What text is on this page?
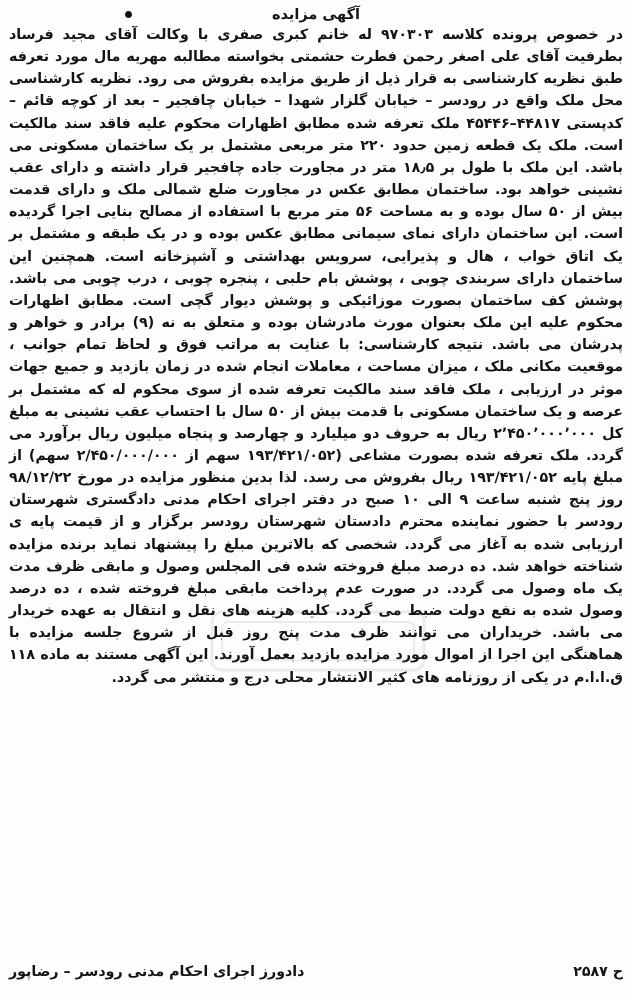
آگهی مزایده

در خصوص پرونده کلاسه ۹۷۰۳۰۳ له خانم کبری صفری با وکالت آقای مجید فرساد بطرفیت آقای علی اصغر رحمن فطرت حشمتی بخواسته مطالبه مهریه مال مورد تعرفه طبق نظریه کارشناسی به قرار ذیل از طریق مزایده بفروش می رود. نظریه کارشناسی محل ملک واقع در رودسر – خیابان گلزار شهدا – خیابان چافجیر – بعد از کوچه قائم – کدپستی ۴۴۸۱۷–۴۵۴۴۶ ملک تعرفه شده مطابق اظهارات محکوم علیه فاقد سند مالکیت است. ملک یک قطعه زمین حدود ۲۲۰ متر مربعی مشتمل بر یک ساختمان مسکونی می باشد. این ملک با طول بر ۱۸٫۵ متر در مجاورت جاده چافجیر قرار داشته و دارای عقب نشینی خواهد بود. ساختمان مطابق عکس در مجاورت ضلع شمالی ملک و دارای قدمت بیش از ۵۰ سال بوده و به مساحت ۵۶ متر مربع با استفاده از مصالح بنایی اجرا گردیده است. این ساختمان دارای نمای سیمانی مطابق عکس بوده و در یک طبقه و مشتمل بر یک اتاق خواب ، هال و پذیرایی، سرویس بهداشتی و آشپزخانه است. همچنین این ساختمان دارای سربندی چوبی ، پوشش بام حلبی ، پنجره چوبی ، درب چوبی می باشد. پوشش کف ساختمان بصورت موزائیکی و پوشش دیوار گچی است. مطابق اظهارات محکوم علیه این ملک بعنوان مورث مادرشان بوده و متعلق به نه (۹) برادر و خواهر و پدرشان می باشد. نتیجه کارشناسی: با عنایت به مراتب فوق و لحاظ تمام جوانب ، موقعیت مکانی ملک ، میزان مساحت ، معاملات انجام شده در زمان بازدید و جمیع جهات موثر در ارزیابی ، ملک فاقد سند مالکیت تعرفه شده از سوی محکوم له که مشتمل بر عرصه و یک ساختمان مسکونی با قدمت بیش از ۵۰ سال با احتساب عقب نشینی به مبلغ کل ۲٬۴۵۰٬۰۰۰٬۰۰۰ ریال به حروف دو میلیارد و چهارصد و پنجاه میلیون ریال برآورد می گردد. ملک تعرفه شده بصورت مشاعی (۱۹۳/۴۲۱/۰۵۲ سهم از ۲/۴۵۰/۰۰۰/۰۰۰ سهم) از مبلغ پایه ۱۹۳/۴۲۱/۰۵۲ ریال بفروش می رسد. لذا بدین منظور مزایده در مورخ ۹۸/۱۲/۲۲ روز پنج شنبه ساعت ۹ الی ۱۰ صبح در دفتر اجرای احکام مدنی دادگستری شهرستان رودسر با حضور نماینده محترم دادستان شهرستان رودسر برگزار و از قیمت پایه ی ارزیابی شده به آغاز می گردد. شخصی که بالاترین مبلغ را پیشنهاد نماید برنده مزایده شناخته خواهد شد. ده درصد مبلغ فروخته شده فی المجلس وصول و مابقی ظرف مدت یک ماه وصول می گردد. در صورت عدم پرداخت مابقی مبلغ فروخته شده ، ده درصد وصول شده به نفع دولت ضبط می گردد. کلیه هزینه های نقل و انتقال به عهده خریدار می باشد. خریداران می توانند ظرف مدت پنج روز قبل از شروع جلسه مزایده با هماهنگی این اجرا از اموال مورد مزایده بازدید بعمل آورند. این آگهی مستند به ماده ۱۱۸ ق.ا.ا.م در یکی از روزنامه های کثیر الانتشار محلی درج و منتشر می گردد.

ح ۲۵۸۷
دادورز اجرای احکام مدنی رودسر – رضاپور
